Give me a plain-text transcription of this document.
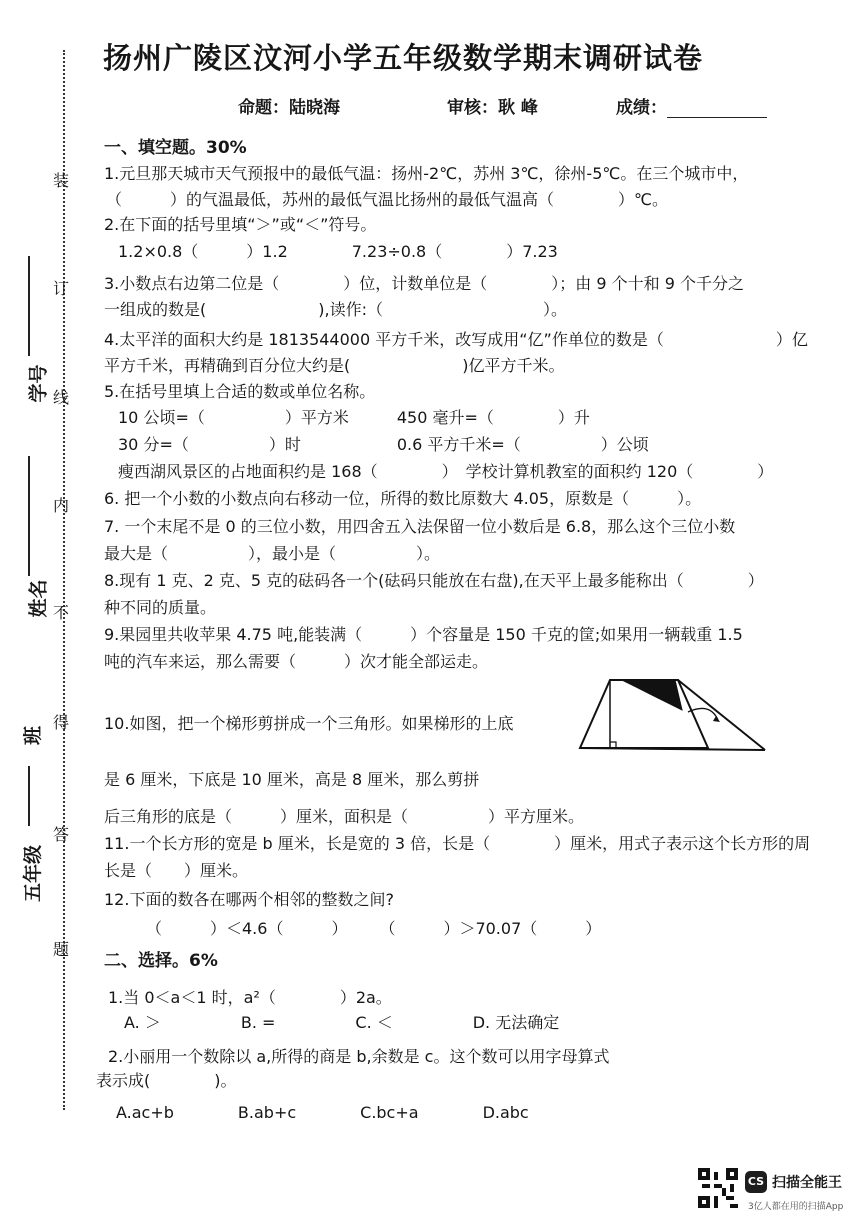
装
订
线
内
不
得
答
题
学号
姓名
班
五年级
扬州广陵区汶河小学五年级数学期末调研试卷
命题：陆晓海	审核：耿 峰	成绩：
一、填空题。30%
1.元旦那天城市天气预报中的最低气温：扬州-2℃，苏州 3℃，徐州-5℃。在三个城市中，
（　　　）的气温最低，苏州的最低气温比扬州的最低气温高（　　　　）℃。
2.在下面的括号里填“＞”或“＜”符号。
1.2×0.8（　　　）1.2　　　　7.23÷0.8（　　　　）7.23
3.小数点右边第二位是（　　　　）位，计数单位是（　　　　）；由 9 个十和 9 个千分之
一组成的数是(　　　　　　　),读作:（　　　　　　　　　　）。
4.太平洋的面积大约是 1813544000 平方千米，改写成用“亿”作单位的数是（　　　　　　　）亿
平方千米，再精确到百分位大约是(　　　　　　　)亿平方千米。
5.在括号里填上合适的数或单位名称。
10 公顷=（　　　　　）平方米　　　450 毫升=（　　　　）升
30 分=（　　　　　）时　　　　　　0.6 平方千米=（　　　　　）公顷
瘦西湖风景区的占地面积约是 168（　　　　）　学校计算机教室的面积约 120（　　　　）
6. 把一个小数的小数点向右移动一位，所得的数比原数大 4.05，原数是（　　　）。
7. 一个末尾不是 0 的三位小数，用四舍五入法保留一位小数后是 6.8，那么这个三位小数
最大是（　　　　　），最小是（　　　　　）。
8.现有 1 克、2 克、5 克的砝码各一个(砝码只能放在右盘),在天平上最多能称出（　　　　）
种不同的质量。
9.果园里共收苹果 4.75 吨,能装满（　　　）个容量是 150 千克的筐;如果用一辆载重 1.5
吨的汽车来运，那么需要（　　　）次才能全部运走。
10.如图，把一个梯形剪拼成一个三角形。如果梯形的上底
是 6 厘米，下底是 10 厘米，高是 8 厘米，那么剪拼
后三角形的底是（　　　）厘米，面积是（　　　　　）平方厘米。
11.一个长方形的宽是 b 厘米，长是宽的 3 倍，长是（　　　　）厘米，用式子表示这个长方形的周
长是（　　）厘米。
12.下面的数各在哪两个相邻的整数之间?
（　　　）＜4.6（　　　）　　　（　　　）＞70.07（　　　）
二、选择。6%
1.当 0＜a＜1 时，a²（　　　　）2a。
A. ＞　　　　　B. =　　　　　C. ＜　　　　　D. 无法确定
2.小丽用一个数除以 a,所得的商是 b,余数是 c。这个数可以用字母算式
表示成(　　　　)。
A.ac+b　　　　B.ab+c　　　　C.bc+a　　　　D.abc
CS 扫描全能王
3亿人都在用的扫描App
